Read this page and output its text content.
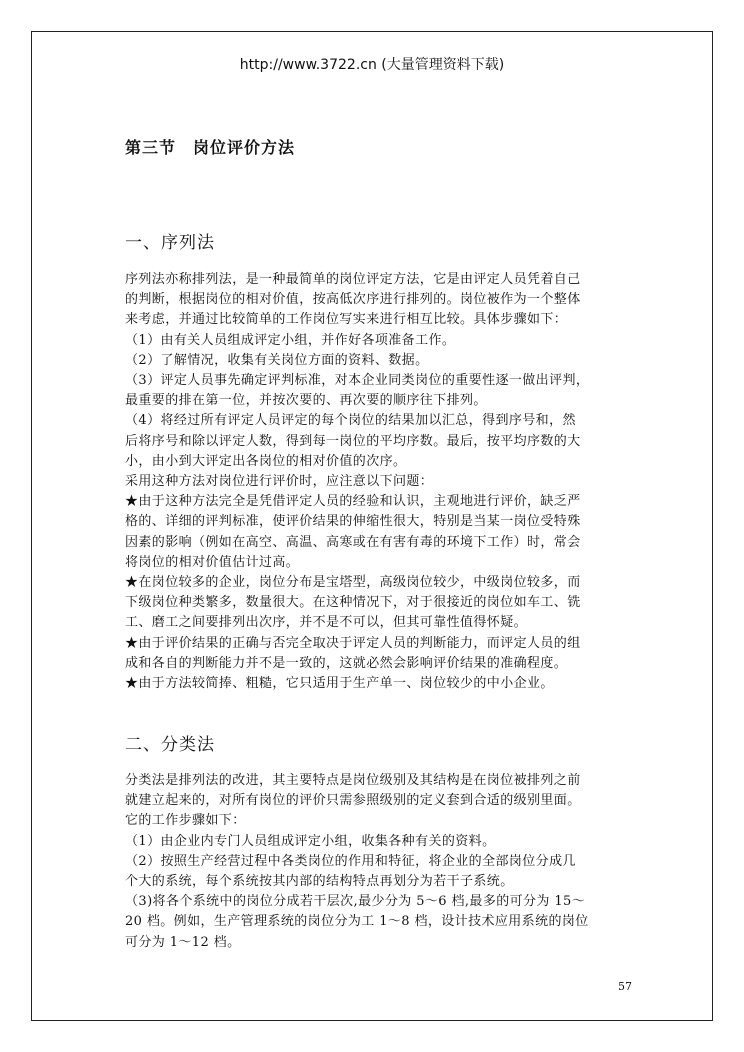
http://www.3722.cn (大量管理资料下载)
第三节　岗位评价方法
一、序列法

序列法亦称排列法，是一种最简单的岗位评定方法，它是由评定人员凭着自己

的判断，根据岗位的相对价值，按高低次序进行排列的。岗位被作为一个整体

来考虑，并通过比较简单的工作岗位写实来进行相互比较。具体步骤如下：

（1）由有关人员组成评定小组，并作好各项准备工作。

（2）了解情况，收集有关岗位方面的资料、数据。

（3）评定人员事先确定评判标准，对本企业同类岗位的重要性逐一做出评判，

最重要的排在第一位，并按次要的、再次要的顺序往下排列。

（4）将经过所有评定人员评定的每个岗位的结果加以汇总，得到序号和，然

后将序号和除以评定人数，得到每一岗位的平均序数。最后，按平均序数的大

小，由小到大评定出各岗位的相对价值的次序。

采用这种方法对岗位进行评价时，应注意以下问题：

★由于这种方法完全是凭借评定人员的经验和认识，主观地进行评价，缺乏严

格的、详细的评判标准，使评价结果的伸缩性很大，特别是当某一岗位受特殊

因素的影响（例如在高空、高温、高寒或在有害有毒的环境下工作）时，常会

将岗位的相对价值估计过高。

★在岗位较多的企业，岗位分布是宝塔型，高级岗位较少，中级岗位较多，而

下级岗位种类繁多，数量很大。在这种情况下，对于很接近的岗位如车工、铣

工、磨工之间要排列出次序，并不是不可以，但其可靠性值得怀疑。

★由于评价结果的正确与否完全取决于评定人员的判断能力，而评定人员的组

成和各自的判断能力并不是一致的，这就必然会影响评价结果的准确程度。

★由于方法较简捧、粗糙，它只适用于生产单一、岗位较少的中小企业。

二、分类法

分类法是排列法的改进，其主要特点是岗位级别及其结构是在岗位被排列之前

就建立起来的，对所有岗位的评价只需参照级别的定义套到合适的级别里面。

它的工作步骤如下：

（1）由企业内专门人员组成评定小组，收集各种有关的资料。

（2）按照生产经营过程中各类岗位的作用和特征，将企业的全部岗位分成几

个大的系统，每个系统按其内部的结构特点再划分为若干子系统。

（3)将各个系统中的岗位分成若干层次,最少分为 5～6 档,最多的可分为 15～

20 档。例如，生产管理系统的岗位分为工 1～8 档，设计技术应用系统的岗位

可分为 1～12 档。

57
